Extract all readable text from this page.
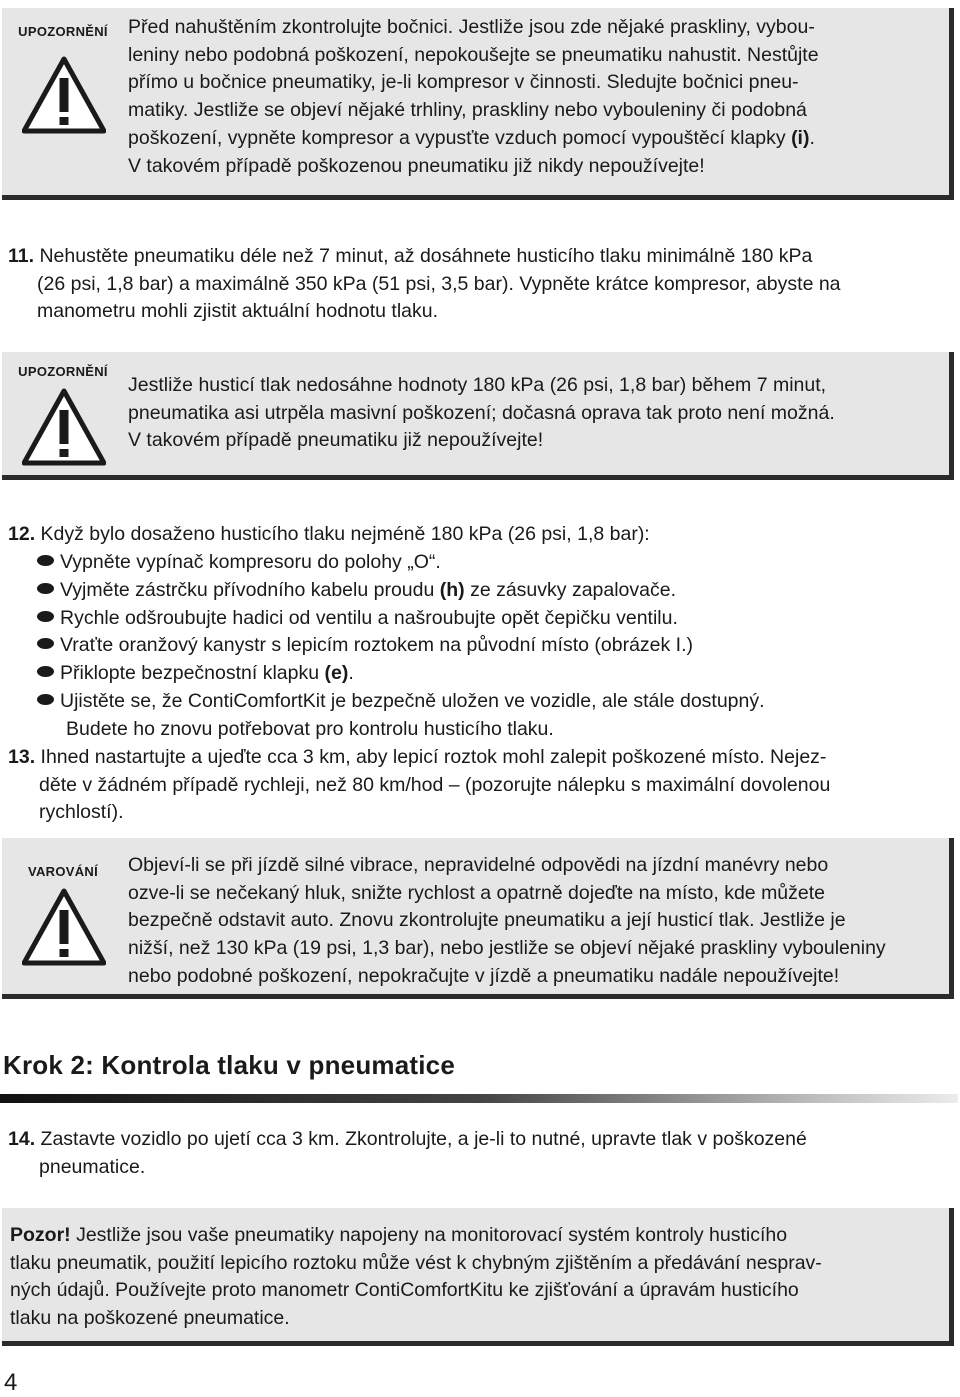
UPOZORNĚNÍ	Před nahuštěním zkontrolujte bočnici. Jestliže jsou zde nějaké praskliny, vybou-
leniny nebo podobná poškození, nepokoušejte se pneumatiku nahustit. Nestůjte
přímo u bočnice pneumatiky, je-li kompresor v činnosti. Sledujte bočnici pneu-
matiky. Jestliže se objeví nějaké trhliny, praskliny nebo vybouleniny či podobná
poškození, vypněte kompresor a vypusťte vzduch pomocí vypouštěcí klapky (i).
V takovém případě poškozenou pneumatiku již nikdy nepoužívejte!
11. Nehustěte pneumatiku déle než 7 minut, až dosáhnete husticího tlaku minimálně 180 kPa
(26 psi, 1,8 bar) a maximálně 350 kPa (51 psi, 3,5 bar). Vypněte krátce kompresor, abyste na
manometru mohli zjistit aktuální hodnotu tlaku.
UPOZORNĚNÍ
Jestliže husticí tlak nedosáhne hodnoty 180 kPa (26 psi, 1,8 bar) během 7 minut,
pneumatika asi utrpěla masivní poškození; dočasná oprava tak proto není možná.
V takovém případě pneumatiku již nepoužívejte!
12. Když bylo dosaženo husticího tlaku nejméně 180 kPa (26 psi, 1,8 bar):
Vypněte vypínač kompresoru do polohy „O“.
Vyjměte zástrčku přívodního kabelu proudu (h) ze zásuvky zapalovače.
Rychle odšroubujte hadici od ventilu a našroubujte opět čepičku ventilu.
Vraťte oranžový kanystr s lepicím roztokem na původní místo (obrázek I.)
Přiklopte bezpečnostní klapku (e).
Ujistěte se, že ContiComfortKit je bezpečně uložen ve vozidle, ale stále dostupný.
Budete ho znovu potřebovat pro kontrolu husticího tlaku.
13. Ihned nastartujte a ujeďte cca 3 km, aby lepicí roztok mohl zalepit poškozené místo. Nejez-
děte v žádném případě rychleji, než 80 km/hod – (pozorujte nálepku s maximální dovolenou
rychlostí).
VAROVÁNÍ	Objeví-li se při jízdě silné vibrace, nepravidelné odpovědi na jízdní manévry nebo
ozve-li se nečekaný hluk, snižte rychlost a opatrně dojeďte na místo, kde můžete
bezpečně odstavit auto. Znovu zkontrolujte pneumatiku a její husticí tlak. Jestliže je
nižší, než 130 kPa (19 psi, 1,3 bar), nebo jestliže se objeví nějaké praskliny vybouleniny
nebo podobné poškození, nepokračujte v jízdě a pneumatiku nadále nepoužívejte!
Krok 2: Kontrola tlaku v pneumatice
14. Zastavte vozidlo po ujetí cca 3 km. Zkontrolujte, a je-li to nutné, upravte tlak v poškozené
pneumatice.
Pozor! Jestliže jsou vaše pneumatiky napojeny na monitorovací systém kontroly husticího
tlaku pneumatik, použití lepicího roztoku může vést k chybným zjištěním a předávání nesprav-
ných údajů. Používejte proto manometr ContiComfortKitu ke zjišťování a úpravám husticího
tlaku na poškozené pneumatice.
4
